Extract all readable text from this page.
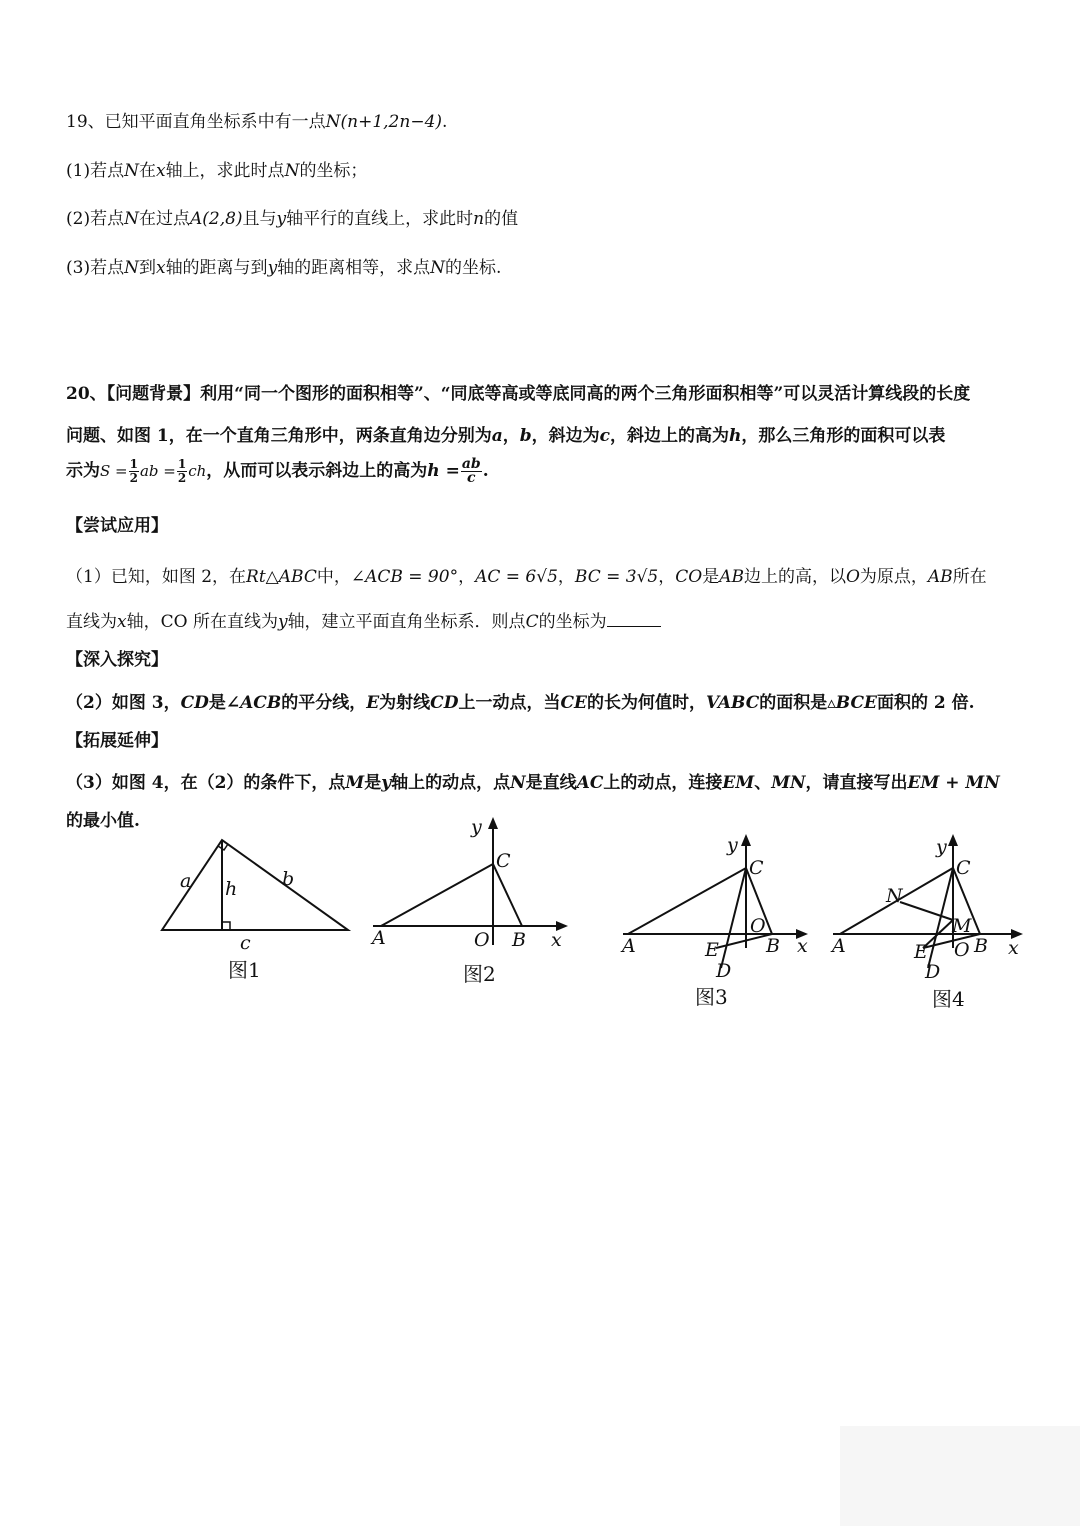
19、已知平面直角坐标系中有一点N(n+1,2n−4).
(1)若点N在x轴上，求此时点N的坐标；
(2)若点N在过点A(2,8)且与y轴平行的直线上，求此时n的值
(3)若点N到x轴的距离与到y轴的距离相等，求点N的坐标.
20、【问题背景】利用“同一个图形的面积相等”、“同底等高或等底同高的两个三角形面积相等”可以灵活计算线段的长度
问题、如图 1，在一个直角三角形中，两条直角边分别为a，b，斜边为c，斜边上的高为h，那么三角形的面积可以表
示为$S = \frac{1}{2}$ ab = $\frac{1}{2}$ ch，从而可以表示斜边上的高为$h = \frac{ab}{c}$ .
【尝试应用】
（1）已知，如图 2，在Rt△ABC中，∠ACB = 90°，AC = 6√5，BC = 3√5，CO是AB边上的高，以O为原点，AB所在
直线为x轴，CO 所在直线为y轴，建立平面直角坐标系．则点C的坐标为
【深入探究】
（2）如图 3，CD是∠ACB的平分线，E为射线CD上一动点，当CE的长为何值时，VABC的面积是▵BCE面积的 2 倍.
【拓展延伸】
（3）如图 4，在（2）的条件下，点M是y轴上的动点，点N是直线AC上的动点，连接EM、MN，请直接写出EM + MN
的最小值.
a	b
h
c
图1
y
C
A	O B x
图2
y
C
A
O
B x
E
D
图3
y
C
N
M
A	O B x
E
D
图4
